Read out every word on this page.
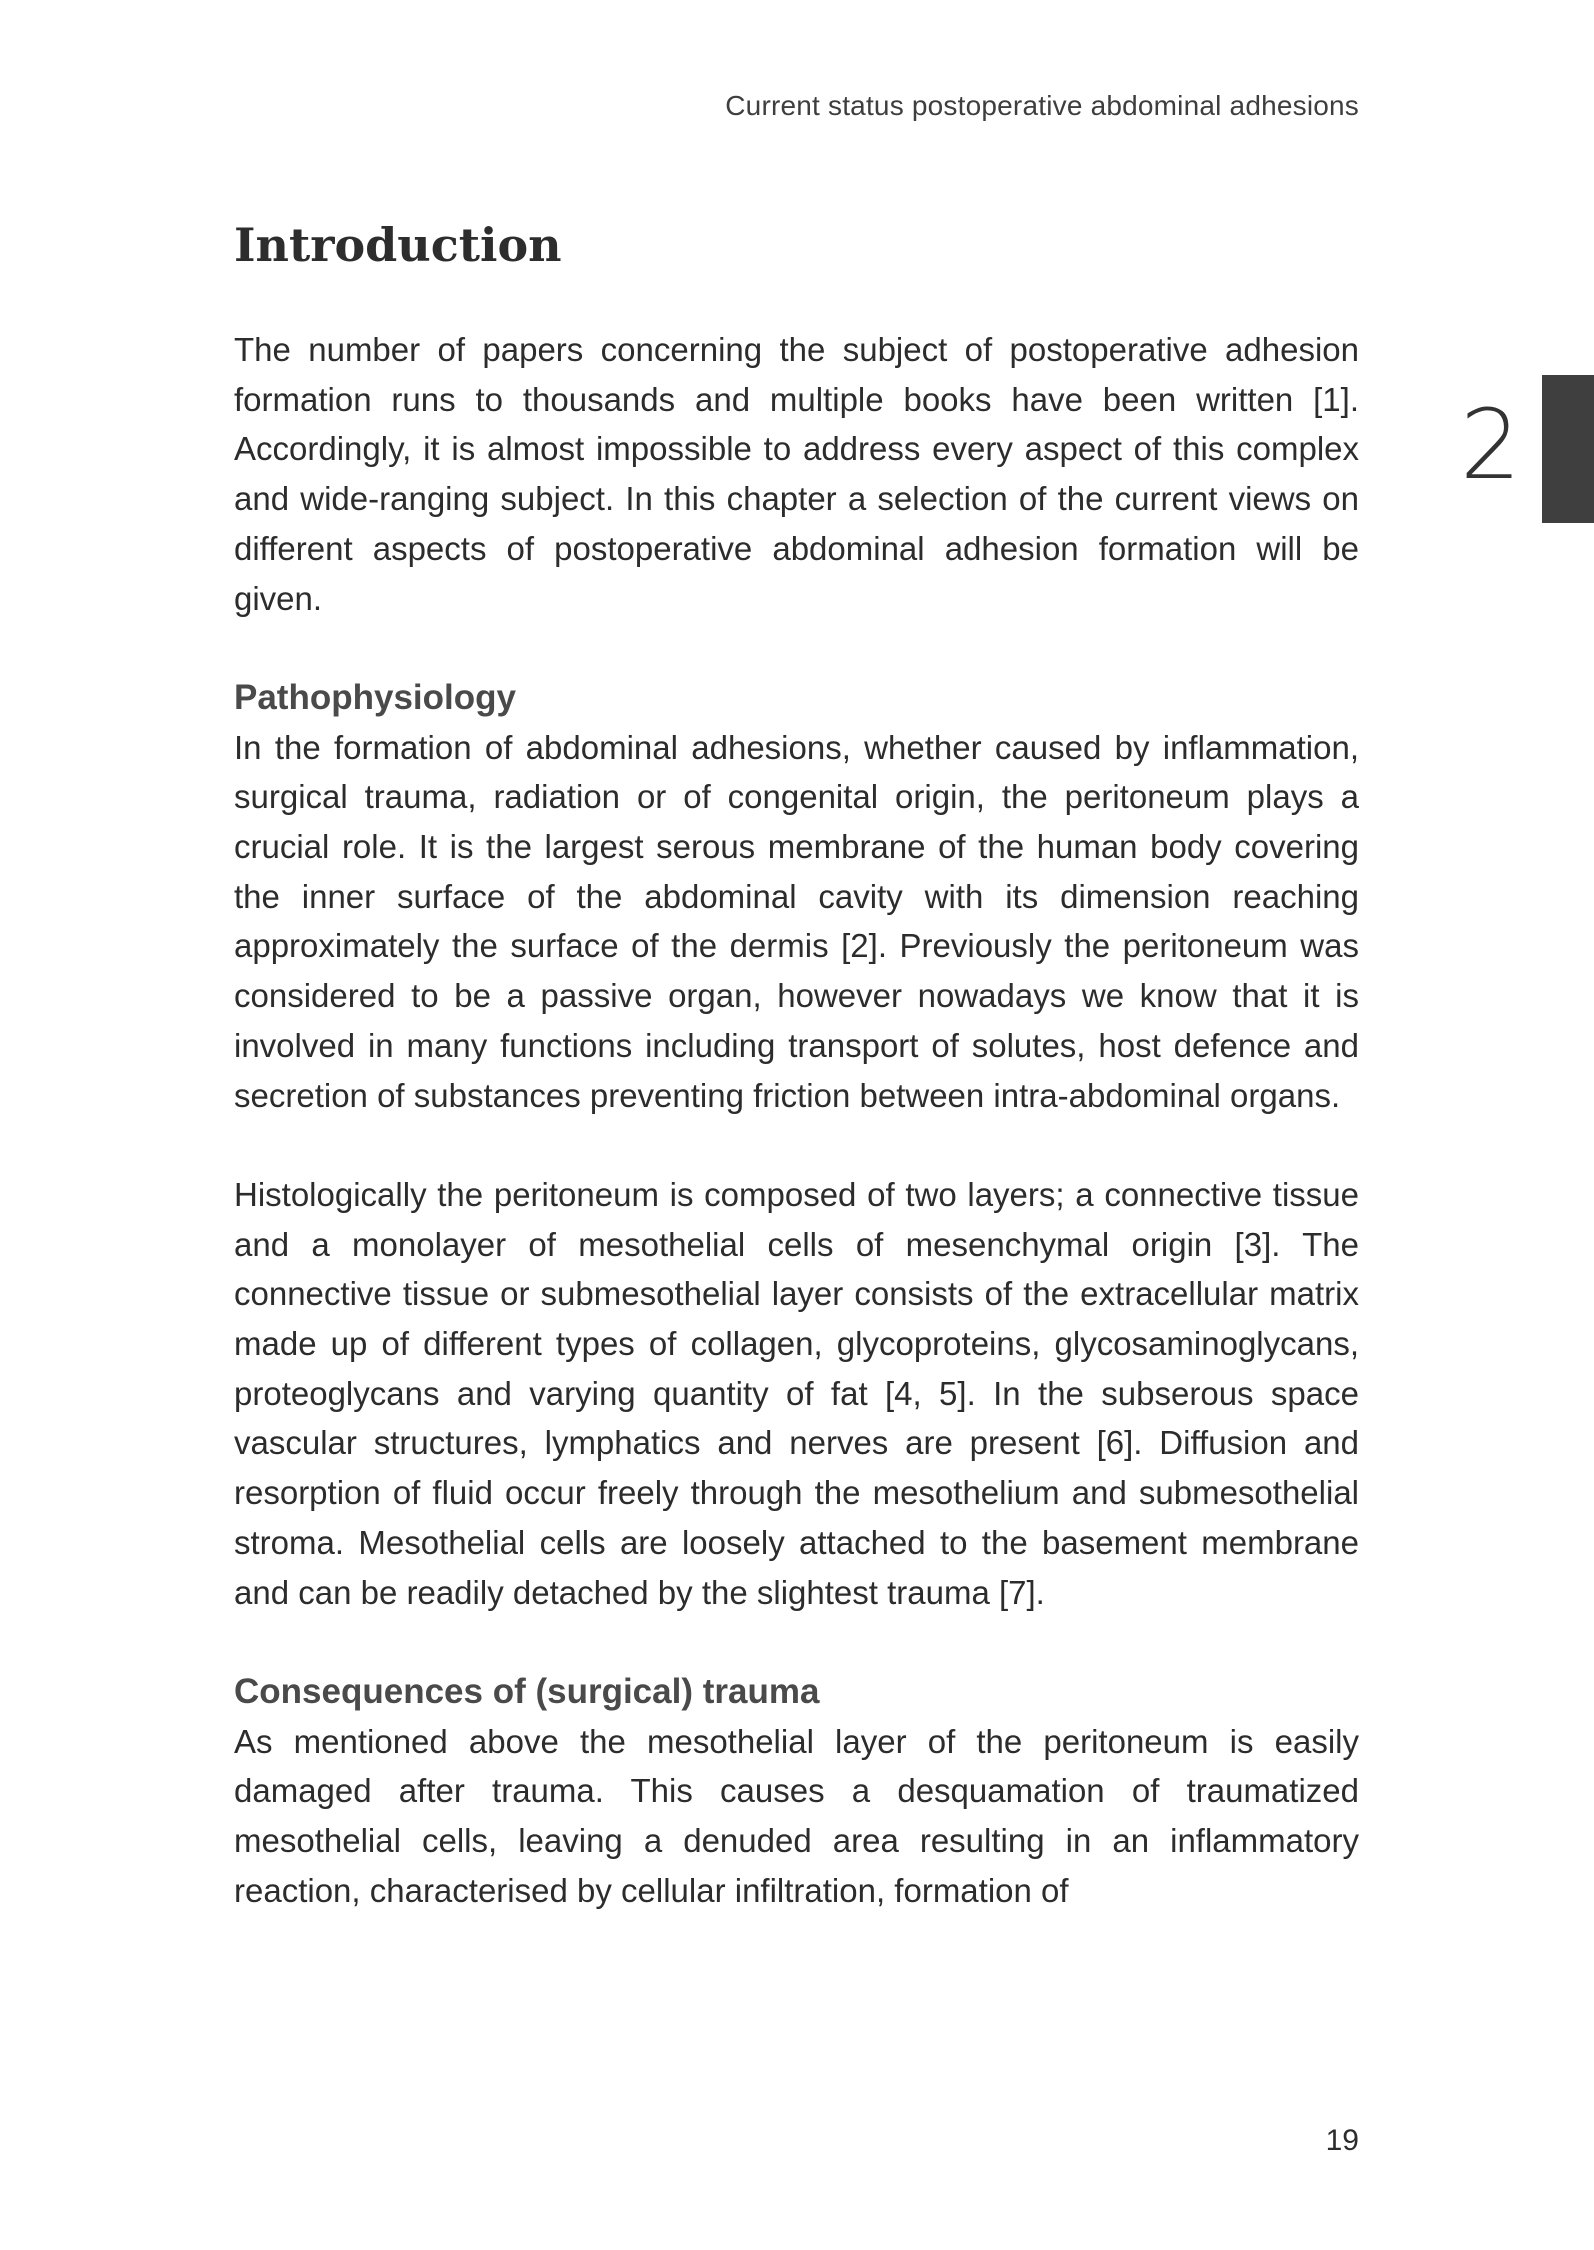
Current status postoperative abdominal adhesions
2
Introduction

The number of papers concerning the subject of postoperative adhesion formation runs to thousands and multiple books have been written [1]. Accordingly, it is almost impossible to address every aspect of this complex and wide-ranging subject. In this chapter a selection of the current views on different aspects of postoperative abdominal adhesion formation will be given.

Pathophysiology

In the formation of abdominal adhesions, whether caused by inflammation, surgical trauma, radiation or of congenital origin, the peritoneum plays a crucial role. It is the largest serous membrane of the human body covering the inner surface of the abdominal cavity with its dimension reaching approximately the surface of the dermis [2]. Previously the peritoneum was considered to be a passive organ, however nowadays we know that it is involved in many functions including transport of solutes, host defence and secretion of substances preventing friction between intra-abdominal organs.

Histologically the peritoneum is composed of two layers; a connective tissue and a monolayer of mesothelial cells of mesenchymal origin [3]. The connective tissue or submesothelial layer consists of the extracellular matrix made up of different types of collagen, glycoproteins, glycosaminoglycans, proteoglycans and varying quantity of fat [4, 5]. In the subserous space vascular structures, lymphatics and nerves are present [6]. Diffusion and resorption of fluid occur freely through the mesothelium and submesothelial stroma. Mesothelial cells are loosely attached to the basement membrane and can be readily detached by the slightest trauma [7].

Consequences of (surgical) trauma

As mentioned above the mesothelial layer of the peritoneum is easily damaged after trauma. This causes a desquamation of traumatized mesothelial cells, leaving a denuded area resulting in an inflammatory reaction, characterised by cellular infiltration, formation of

19
